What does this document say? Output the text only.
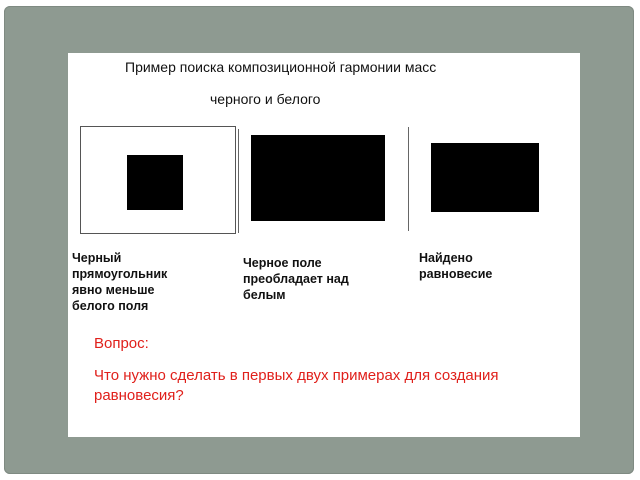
Пример поиска композиционной гармонии масс
черного и белого
Черный
прямоугольник
явно меньше
белого поля
Черное поле
преобладает над
белым
Найдено
равновесие
Вопрос:
Что нужно сделать в первых двух примерах для создания равновесия?
